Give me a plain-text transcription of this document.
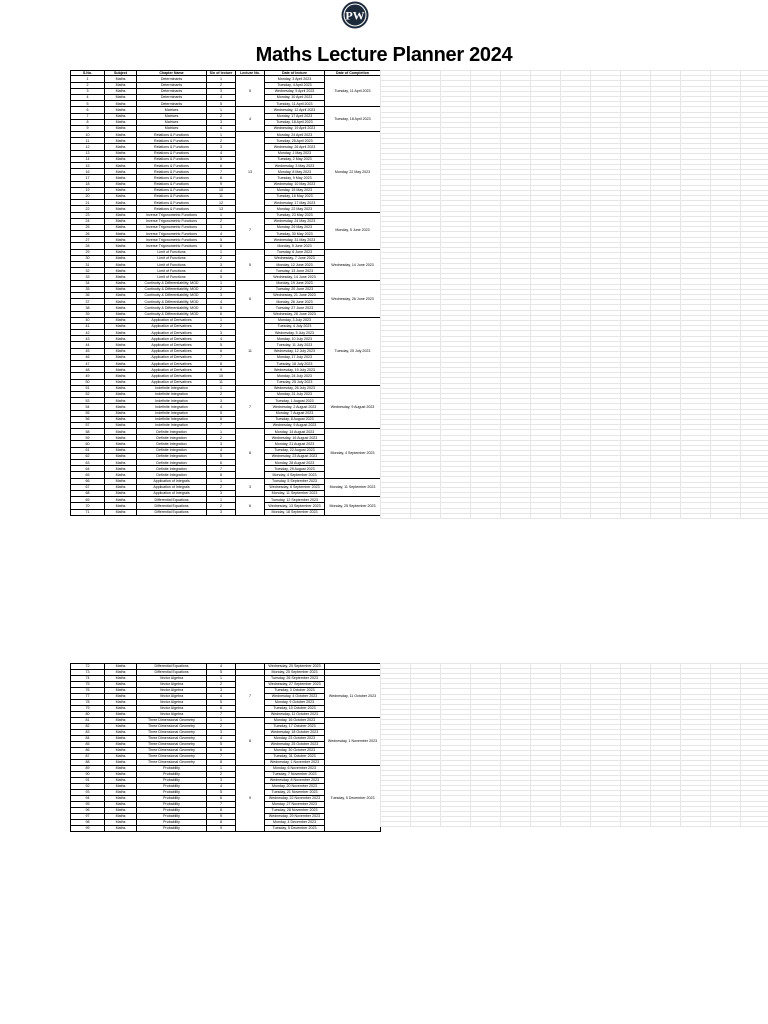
PW
Maths Lecture Planner 2024
S.No.	Subject	Chapter Name	S/n of lecture	Lecture No.	Date of lecture	Date of Completion
1	Maths	Determinants	1	5	Monday, 3 April 2023	Tuesday, 11 April 2023
2	Maths	Determinants	2		Tuesday, 4 April 2023	
3	Maths	Determinants	3		Wednesday, 5 April 2023	
4	Maths	Determinants	4		Monday, 10 April 2023	
5	Maths	Determinants	5		Tuesday, 11 April 2023	
6	Maths	Matrices	1	4	Wednesday, 12 April 2023	Tuesday, 18 April 2023
7	Maths	Matrices	2		Monday, 17 April 2023	
8	Maths	Matrices	3		Tuesday, 18 April 2023	
9	Maths	Matrices	4		Wednesday, 19 April 2023	
10	Maths	Relations & Functions	1	13	Monday, 24 April 2023	Monday, 22 May 2023
11	Maths	Relations & Functions	2		Tuesday, 25 April 2023	
12	Maths	Relations & Functions	3		Wednesday, 26 April 2023	
13	Maths	Relations & Functions	4		Monday, 1 May 2023	
14	Maths	Relations & Functions	5		Tuesday, 2 May 2023	
15	Maths	Relations & Functions	6		Wednesday, 3 May 2023	
16	Maths	Relations & Functions	7		Monday, 8 May 2023	
17	Maths	Relations & Functions	8		Tuesday, 9 May 2023	
18	Maths	Relations & Functions	9		Wednesday, 10 May 2023	
19	Maths	Relations & Functions	10		Monday, 15 May 2023	
20	Maths	Relations & Functions	11		Tuesday, 16 May 2023	
21	Maths	Relations & Functions	12		Wednesday, 17 May 2023	
22	Maths	Relations & Functions	13		Monday, 22 May 2023	
23	Maths	Inverse Trigonometric Functions	1	7	Tuesday, 23 May 2023	Monday, 5 June 2023
24	Maths	Inverse Trigonometric Functions	2		Wednesday, 24 May 2023	
25	Maths	Inverse Trigonometric Functions	3		Monday, 29 May 2023	
26	Maths	Inverse Trigonometric Functions	4		Tuesday, 30 May 2023	
27	Maths	Inverse Trigonometric Functions	5		Wednesday, 31 May 2023	
28	Maths	Inverse Trigonometric Functions	6		Monday, 5 June 2023	
29	Maths	Limit of Functions	1	5	Tuesday, 6 June 2023	Wednesday, 14 June 2023
30	Maths	Limit of Functions	2		Wednesday, 7 June 2023	
31	Maths	Limit of Functions	3		Monday, 12 June 2023	
32	Maths	Limit of Functions	4		Tuesday, 13 June 2023	
33	Maths	Limit of Functions	5		Wednesday, 14 June 2023	
34	Maths	Continuity & Differentiability, MOD	1	6	Monday, 19 June 2023	Wednesday, 26 June 2023
35	Maths	Continuity & Differentiability, MOD	2		Tuesday, 20 June 2023	
36	Maths	Continuity & Differentiability, MOD	3		Wednesday, 21 June 2023	
37	Maths	Continuity & Differentiability, MOD	4		Monday, 26 June 2023	
38	Maths	Continuity & Differentiability, MOD	5		Tuesday, 27 June 2023	
39	Maths	Continuity & Differentiability, MOD	6		Wednesday, 28 June 2023	
40	Maths	Application of Derivatives	1	11	Monday, 3 July 2023	Tuesday, 25 July 2023
41	Maths	Application of Derivatives	2		Tuesday, 4 July 2023	
42	Maths	Application of Derivatives	3		Wednesday, 5 July 2023	
43	Maths	Application of Derivatives	4		Monday, 10 July 2023	
44	Maths	Application of Derivatives	5		Tuesday, 11 July 2023	
45	Maths	Application of Derivatives	6		Wednesday, 12 July 2023	
46	Maths	Application of Derivatives	7		Monday, 17 July 2023	
47	Maths	Application of Derivatives	8		Tuesday, 18 July 2023	
48	Maths	Application of Derivatives	9		Wednesday, 19 July 2023	
49	Maths	Application of Derivatives	10		Monday, 24 July 2023	
50	Maths	Application of Derivatives	11		Tuesday, 25 July 2023	
51	Maths	Indefinite Integration	1	7	Wednesday, 26 July 2023	Wednesday, 9 August 2023
52	Maths	Indefinite Integration	2		Monday, 31 July 2023	
53	Maths	Indefinite Integration	3		Tuesday, 1 August 2023	
54	Maths	Indefinite Integration	4		Wednesday, 2 August 2023	
55	Maths	Indefinite Integration	5		Monday, 7 August 2023	
56	Maths	Indefinite Integration	6		Tuesday, 8 August 2023	
57	Maths	Indefinite Integration	7		Wednesday, 9 August 2023	
58	Maths	Definite Integration	1	8	Monday, 14 August 2023	Monday, 4 September 2023
59	Maths	Definite Integration	2		Wednesday, 16 August 2023	
60	Maths	Definite Integration	3		Monday, 21 August 2023	
61	Maths	Definite Integration	4		Tuesday, 22 August 2023	
62	Maths	Definite Integration	5		Wednesday, 23 August 2023	
63	Maths	Definite Integration	6		Monday, 28 August 2023	
64	Maths	Definite Integration	7		Tuesday, 29 August 2023	
65	Maths	Definite Integration	8		Monday, 4 September 2023	
66	Maths	Application of Integrals	1	3	Tuesday, 5 September 2023	Monday, 11 September 2023
67	Maths	Application of Integrals	2		Wednesday, 6 September 2023	
68	Maths	Application of Integrals	3		Monday, 11 September 2023	
69	Maths	Differential Equations	1	6	Tuesday, 12 September 2023	Monday, 25 September 2023
70	Maths	Differential Equations	2		Wednesday, 13 September 2023	
71	Maths	Differential Equations	3		Monday, 18 September 2023	
72	Maths	Differential Equations	4		Wednesday, 20 September 2023	
73	Maths	Differential Equations	5		Monday, 25 September 2023	
74	Maths	Vector Algebra	1	7	Tuesday, 26 September 2023	Wednesday, 11 October 2023
75	Maths	Vector Algebra	2		Wednesday, 27 September 2023	
76	Maths	Vector Algebra	3		Tuesday, 3 October 2023	
77	Maths	Vector Algebra	4		Wednesday, 4 October 2023	
78	Maths	Vector Algebra	5		Monday, 9 October 2023	
79	Maths	Vector Algebra	6		Tuesday, 10 October 2023	
80	Maths	Vector Algebra	7		Wednesday, 11 October 2023	
81	Maths	Three Dimensional Geometry	1	8	Monday, 16 October 2023	Wednesday, 1 November 2023
82	Maths	Three Dimensional Geometry	2		Tuesday, 17 October 2023	
83	Maths	Three Dimensional Geometry	3		Wednesday, 18 October 2023	
84	Maths	Three Dimensional Geometry	4		Monday, 23 October 2023	
85	Maths	Three Dimensional Geometry	5		Wednesday, 25 October 2023	
86	Maths	Three Dimensional Geometry	6		Monday, 30 October 2023	
87	Maths	Three Dimensional Geometry	7		Tuesday, 31 October 2023	
88	Maths	Three Dimensional Geometry	8		Wednesday, 1 November 2023	
89	Maths	Probability	1	9	Monday, 6 November 2023	Tuesday, 5 December 2023
90	Maths	Probability	2		Tuesday, 7 November 2023	
91	Maths	Probability	3		Wednesday, 8 November 2023	
92	Maths	Probability	4		Monday, 20 November 2023	
93	Maths	Probability	5		Tuesday, 21 November 2023	
94	Maths	Probability	6		Wednesday, 22 November 2023	
95	Maths	Probability	7		Monday, 27 November 2023	
96	Maths	Probability	8		Tuesday, 28 November 2023	
97	Maths	Probability	9		Wednesday, 29 November 2023	
98	Maths	Probability	8		Monday, 4 December 2023	
99	Maths	Probability	9		Tuesday, 5 December 2023	
